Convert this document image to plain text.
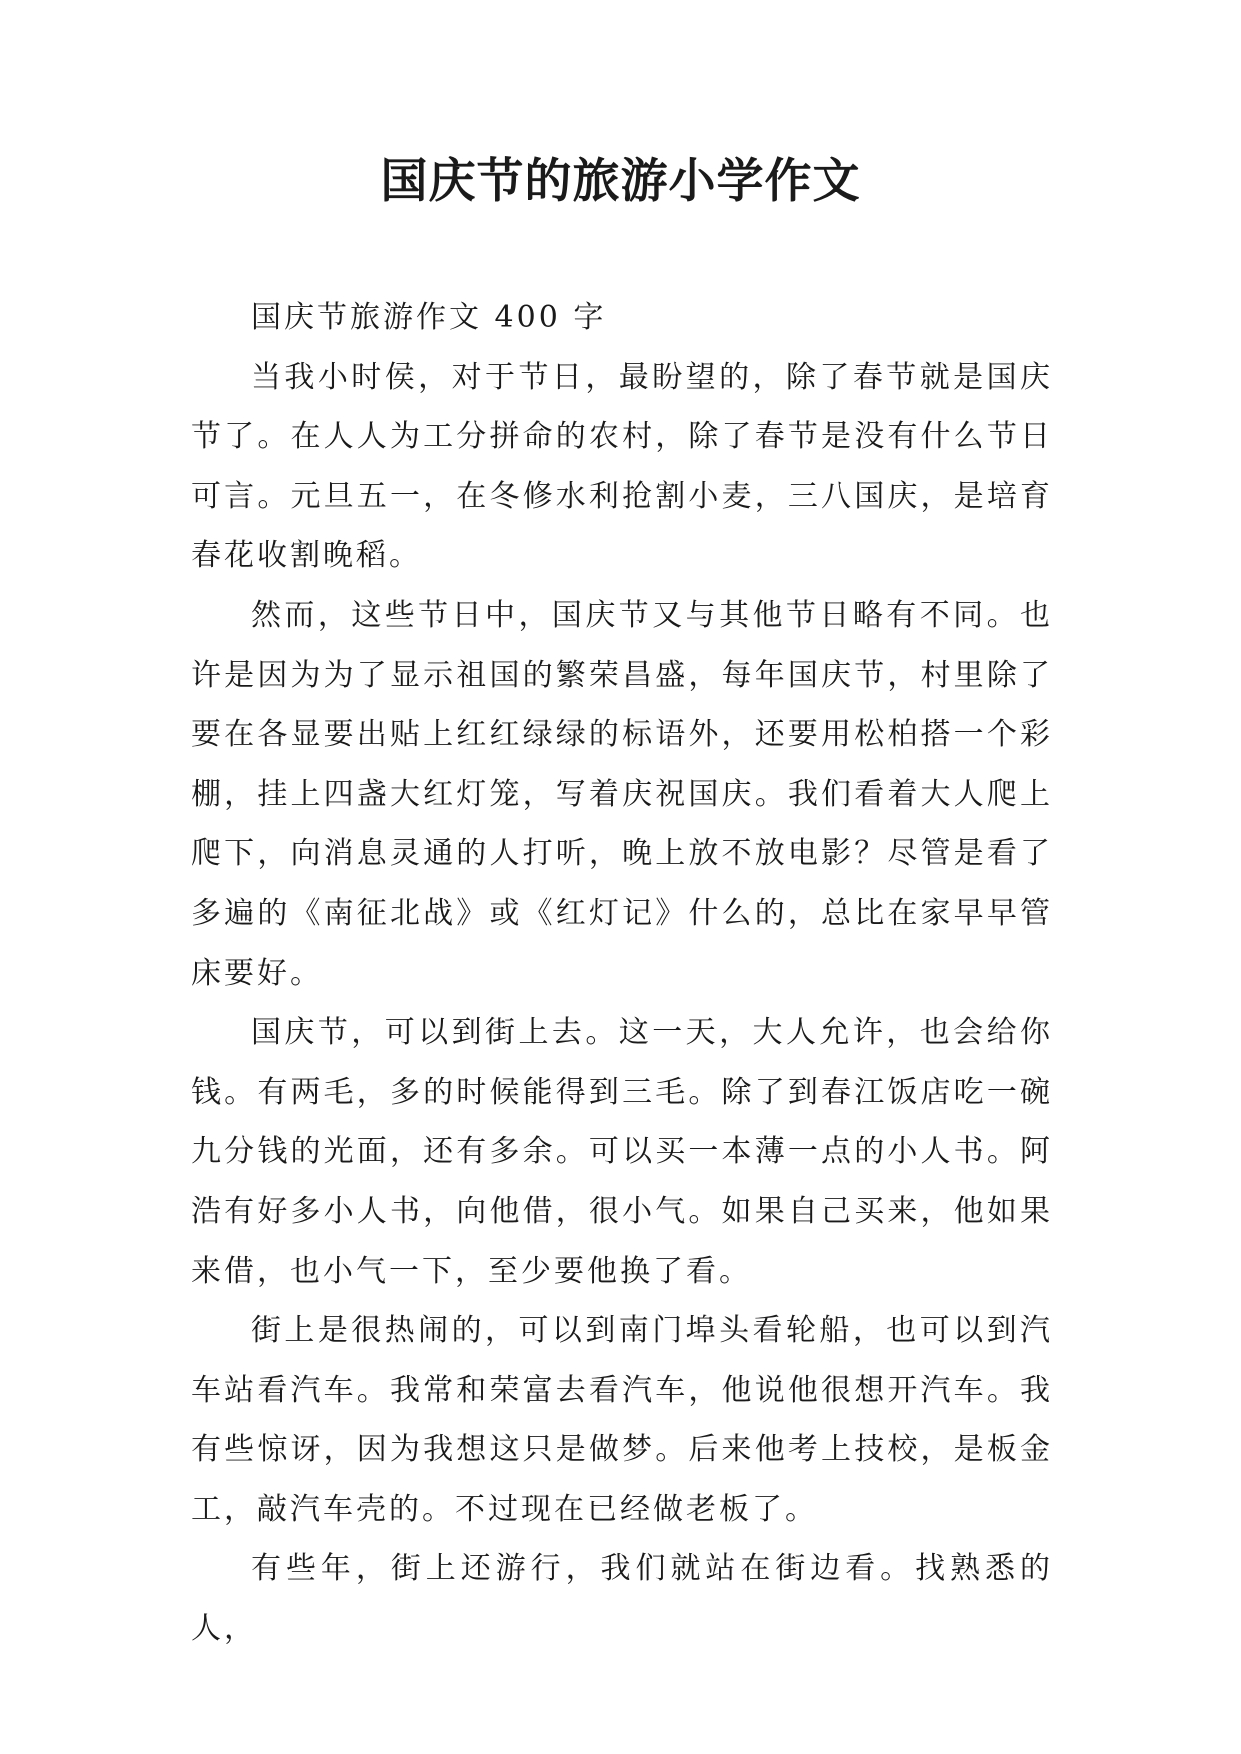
国庆节的旅游小学作文

国庆节旅游作文 400 字

当我小时侯，对于节日，最盼望的，除了春节就是国庆节了。在人人为工分拼命的农村，除了春节是没有什么节日可言。元旦五一，在冬修水利抢割小麦，三八国庆，是培育春花收割晚稻。

然而，这些节日中，国庆节又与其他节日略有不同。也许是因为为了显示祖国的繁荣昌盛，每年国庆节，村里除了要在各显要出贴上红红绿绿的标语外，还要用松柏搭一个彩棚，挂上四盏大红灯笼，写着庆祝国庆。我们看着大人爬上爬下，向消息灵通的人打听，晚上放不放电影？尽管是看了多遍的《南征北战》或《红灯记》什么的，总比在家早早管床要好。

国庆节，可以到街上去。这一天，大人允许，也会给你钱。有两毛，多的时候能得到三毛。除了到春江饭店吃一碗九分钱的光面，还有多余。可以买一本薄一点的小人书。阿浩有好多小人书，向他借，很小气。如果自己买来，他如果来借，也小气一下，至少要他换了看。

街上是很热闹的，可以到南门埠头看轮船，也可以到汽车站看汽车。我常和荣富去看汽车，他说他很想开汽车。我有些惊讶，因为我想这只是做梦。后来他考上技校，是板金工，敲汽车壳的。不过现在已经做老板了。

有些年，街上还游行，我们就站在街边看。找熟悉的人，
